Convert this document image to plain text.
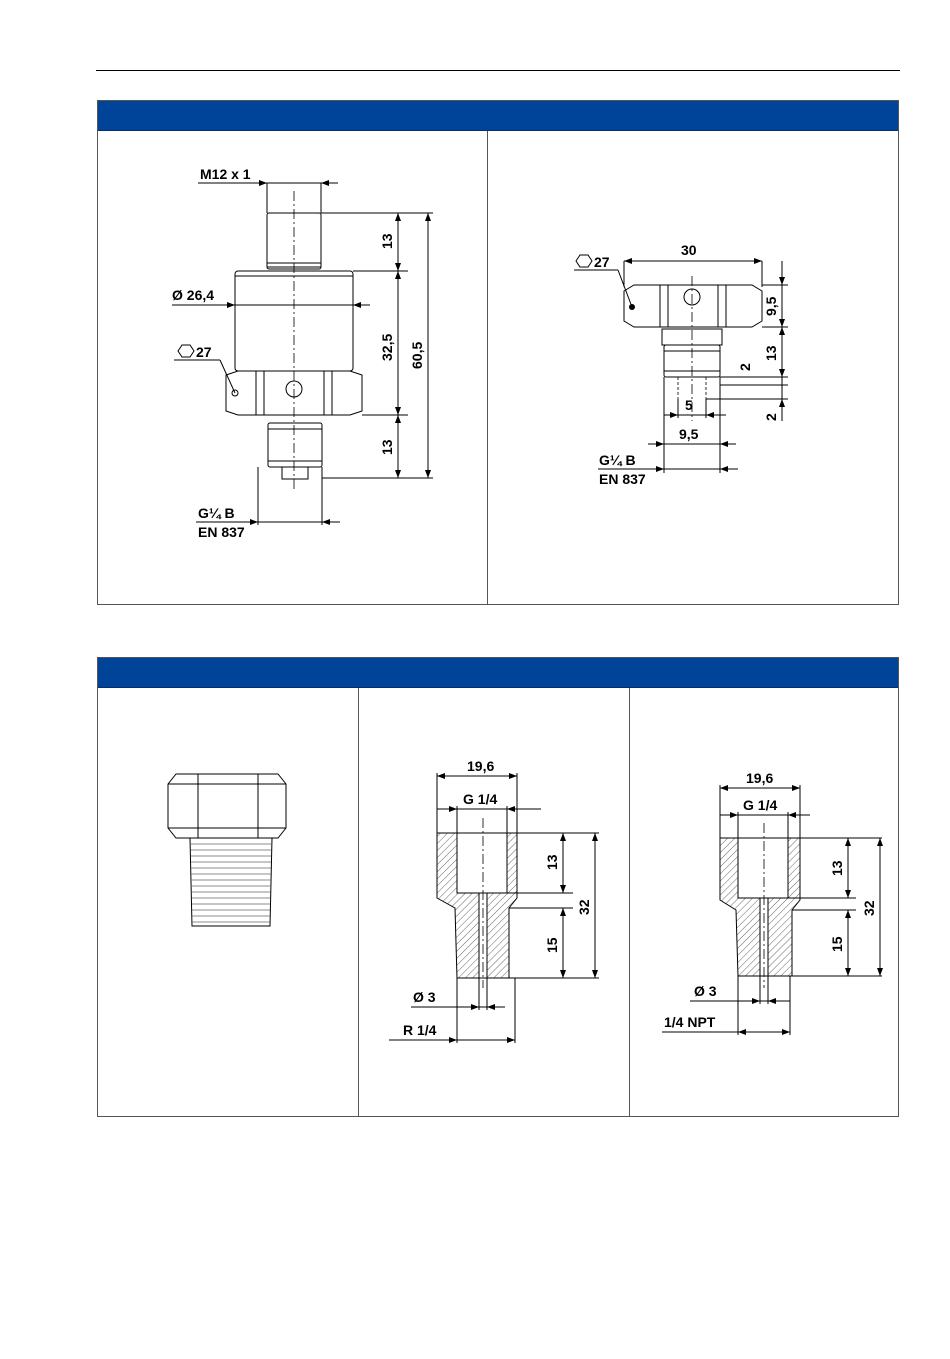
M12 x 1
Ø 26,4
27
13
32,5
13
60,5
G¼ B
EN 837
30
27
9,5
13
2
2
5
9,5
G¼ B
EN 837
19,6
G 1/4
13
15
32
Ø 3
R 1/4
19,6
G 1/4
13
15
32
Ø 3
1/4 NPT
